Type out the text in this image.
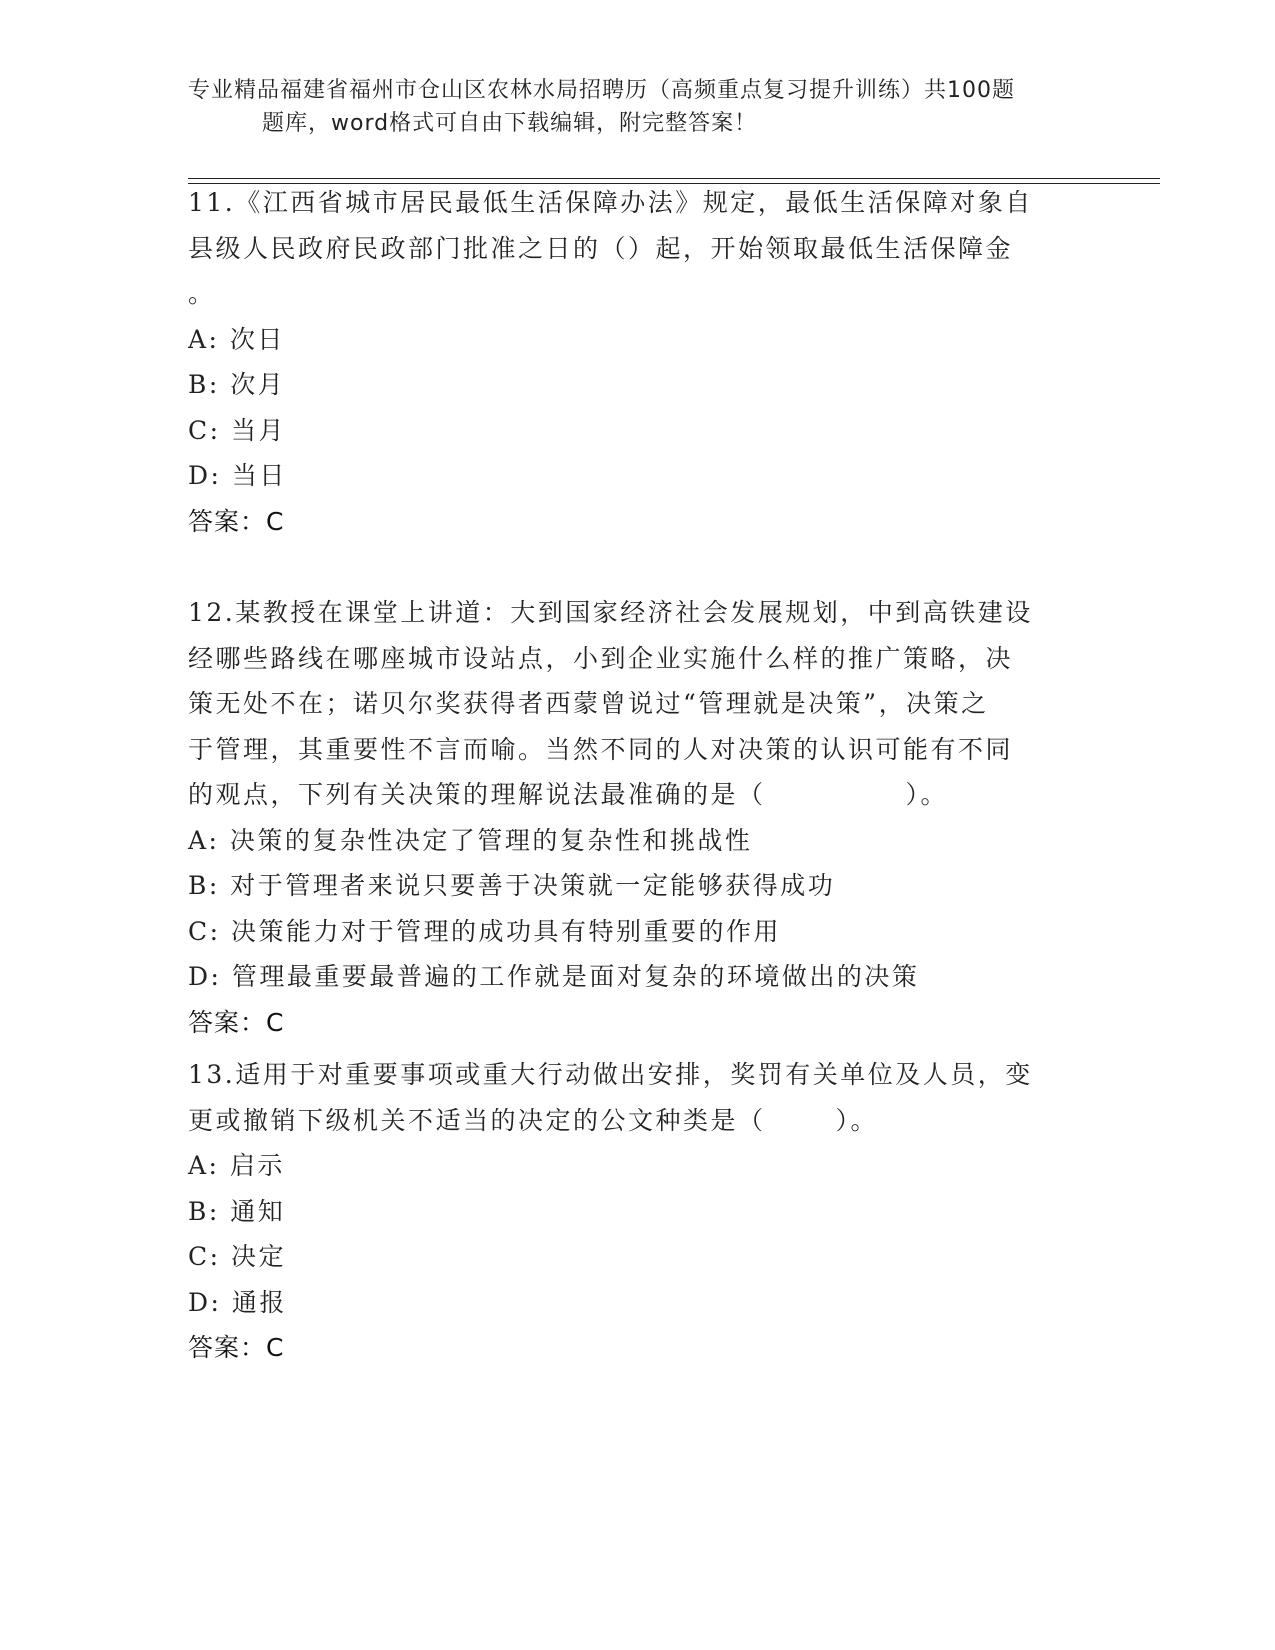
专业精品福建省福州市仓山区农林水局招聘历（高频重点复习提升训练）共100题

题库，word格式可自由下载编辑，附完整答案！

11.《江西省城市居民最低生活保障办法》规定，最低生活保障对象自

县级人民政府民政部门批准之日的（）起，开始领取最低生活保障金

。

A: 次日

B: 次月

C: 当月

D: 当日

答案：C

12.某教授在课堂上讲道：大到国家经济社会发展规划，中到高铁建设

经哪些路线在哪座城市设站点，小到企业实施什么样的推广策略，决

策无处不在；诺贝尔奖获得者西蒙曾说过“管理就是决策”，决策之

于管理，其重要性不言而喻。当然不同的人对决策的认识可能有不同

的观点，下列有关决策的理解说法最准确的是（	）。

A: 决策的复杂性决定了管理的复杂性和挑战性

B: 对于管理者来说只要善于决策就一定能够获得成功

C: 决策能力对于管理的成功具有特别重要的作用

D: 管理最重要最普遍的工作就是面对复杂的环境做出的决策

答案：C

13.适用于对重要事项或重大行动做出安排，奖罚有关单位及人员，变

更或撤销下级机关不适当的决定的公文种类是（	）。

A: 启示

B: 通知

C: 决定

D: 通报

答案：C
